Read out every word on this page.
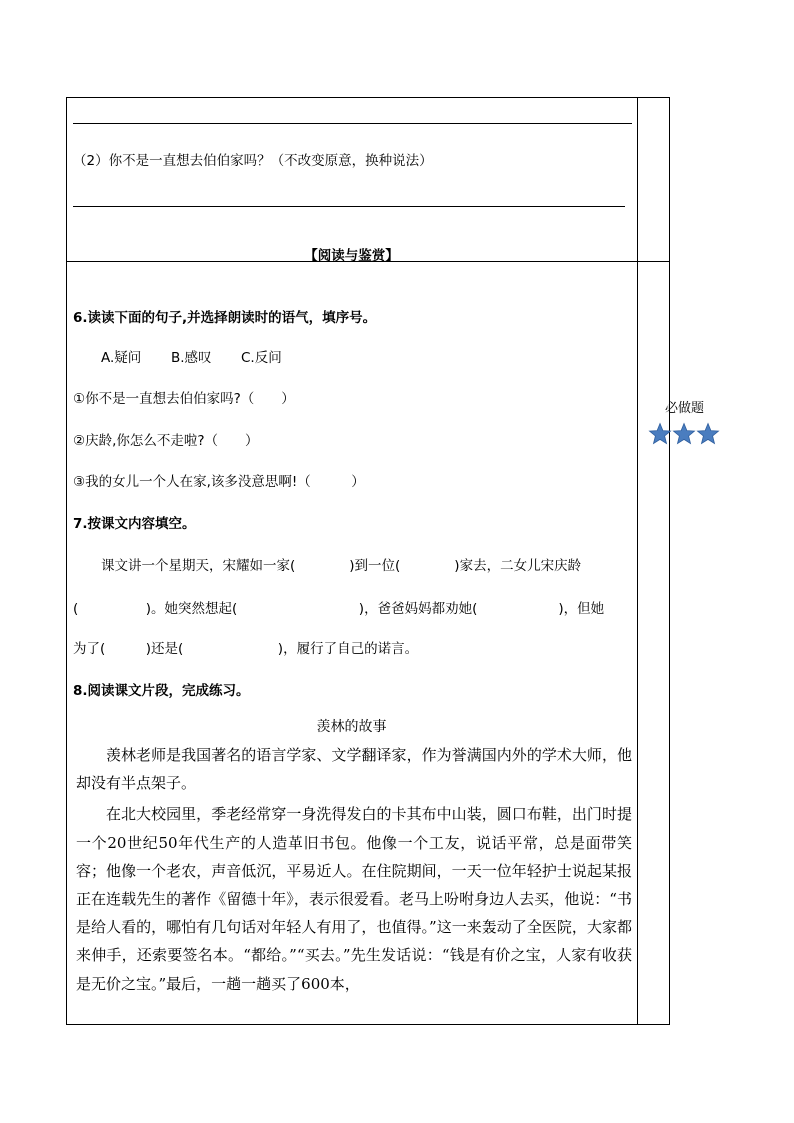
（2）你不是一直想去伯伯家吗？（不改变原意，换种说法）
【阅读与鉴赏】
6.读读下面的句子,并选择朗读时的语气，填序号。
A.疑问 B.感叹 C.反问
①你不是一直想去伯伯家吗?（　　）
②庆龄,你怎么不走啦?（　　）
③我的女儿一个人在家,该多没意思啊!（　　　）
7.按课文内容填空。
课文讲一个星期天，宋耀如一家(　　　　)到一位(　　　　)家去，二女儿宋庆龄
(　　　　　)。她突然想起(　　　　　　　　　)，爸爸妈妈都劝她(　　　　　　)，但她
为了(　　　)还是(　　　　　　　)，履行了自己的诺言。
8.阅读课文片段，完成练习。
羡林的故事

羡林老师是我国著名的语言学家、文学翻译家，作为誉满国内外的学术大师，他却没有半点架子。

在北大校园里，季老经常穿一身洗得发白的卡其布中山装，圆口布鞋，出门时提一个20世纪50年代生产的人造革旧书包。他像一个工友，说话平常，总是面带笑容；他像一个老农，声音低沉，平易近人。在住院期间，一天一位年轻护士说起某报正在连载先生的著作《留德十年》，表示很爱看。老马上吩咐身边人去买，他说：“书是给人看的，哪怕有几句话对年轻人有用了，也值得。”这一来轰动了全医院，大家都来伸手，还索要签名本。“都给。”“买去。”先生发话说：“钱是有价之宝，人家有收获是无价之宝。”最后，一趟一趟买了600本，

必做题
